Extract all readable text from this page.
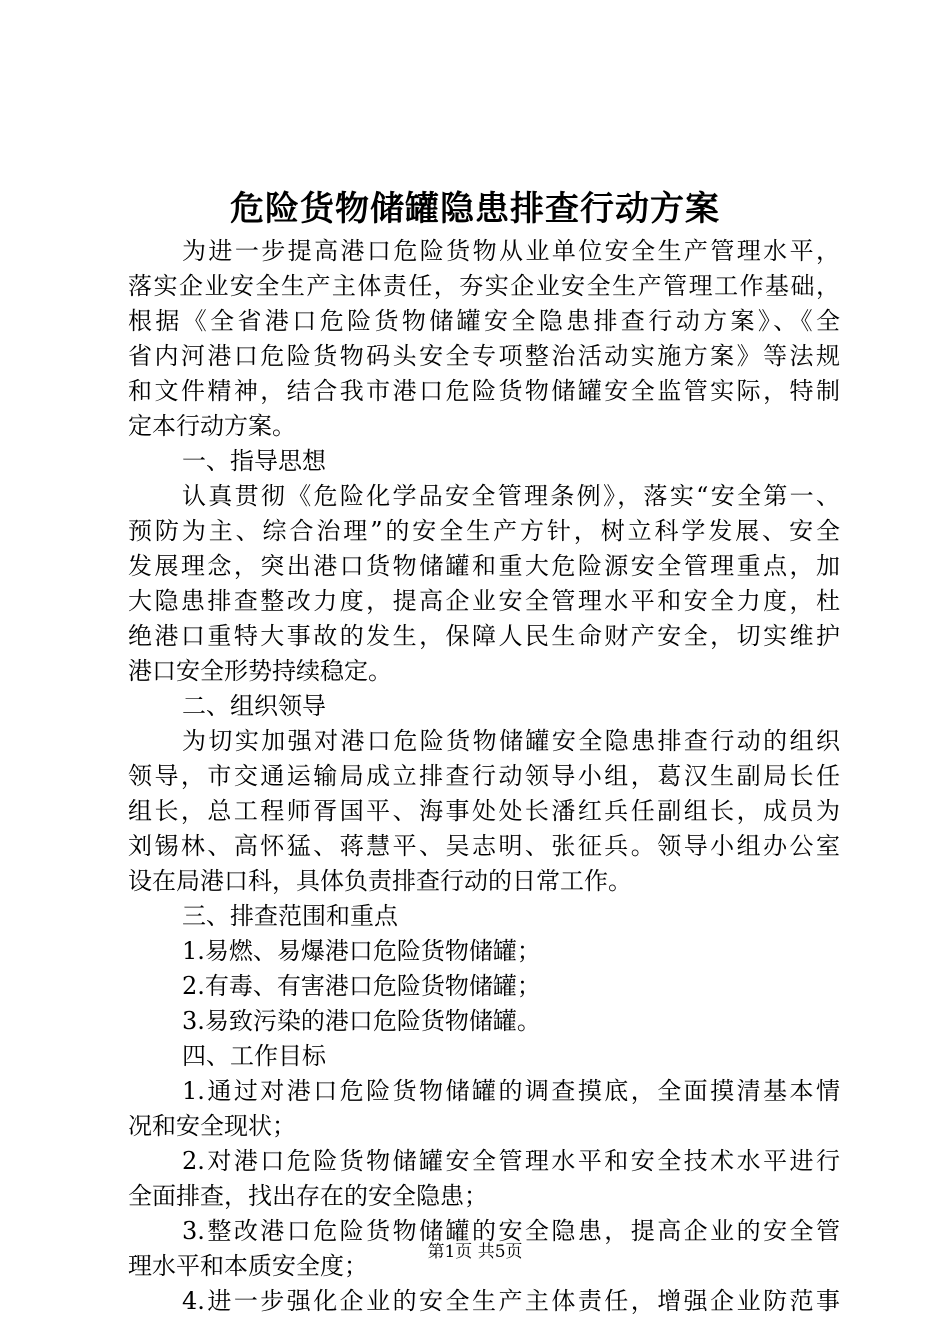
危险货物储罐隐患排查行动方案
为进一步提高港口危险货物从业单位安全生产管理水平，
落实企业安全生产主体责任，夯实企业安全生产管理工作基础，
根据《全省港口危险货物储罐安全隐患排查行动方案》、《全
省内河港口危险货物码头安全专项整治活动实施方案》等法规
和文件精神，结合我市港口危险货物储罐安全监管实际，特制
定本行动方案。
一、指导思想
认真贯彻《危险化学品安全管理条例》，落实“安全第一、
预防为主、综合治理”的安全生产方针，树立科学发展、安全
发展理念，突出港口货物储罐和重大危险源安全管理重点，加
大隐患排查整改力度，提高企业安全管理水平和安全力度，杜
绝港口重特大事故的发生，保障人民生命财产安全，切实维护
港口安全形势持续稳定。
二、组织领导
为切实加强对港口危险货物储罐安全隐患排查行动的组织
领导，市交通运输局成立排查行动领导小组，葛汉生副局长任
组长，总工程师胥国平、海事处处长潘红兵任副组长，成员为
刘锡林、高怀猛、蒋慧平、吴志明、张征兵。领导小组办公室
设在局港口科，具体负责排查行动的日常工作。
三、排查范围和重点
1.易燃、易爆港口危险货物储罐；
2.有毒、有害港口危险货物储罐；
3.易致污染的港口危险货物储罐。
四、工作目标
1.通过对港口危险货物储罐的调查摸底，全面摸清基本情
况和安全现状；
2.对港口危险货物储罐安全管理水平和安全技术水平进行
全面排查，找出存在的安全隐患；
3.整改港口危险货物储罐的安全隐患，提高企业的安全管
理水平和本质安全度；
4.进一步强化企业的安全生产主体责任，增强企业防范事
第1页 共5页
